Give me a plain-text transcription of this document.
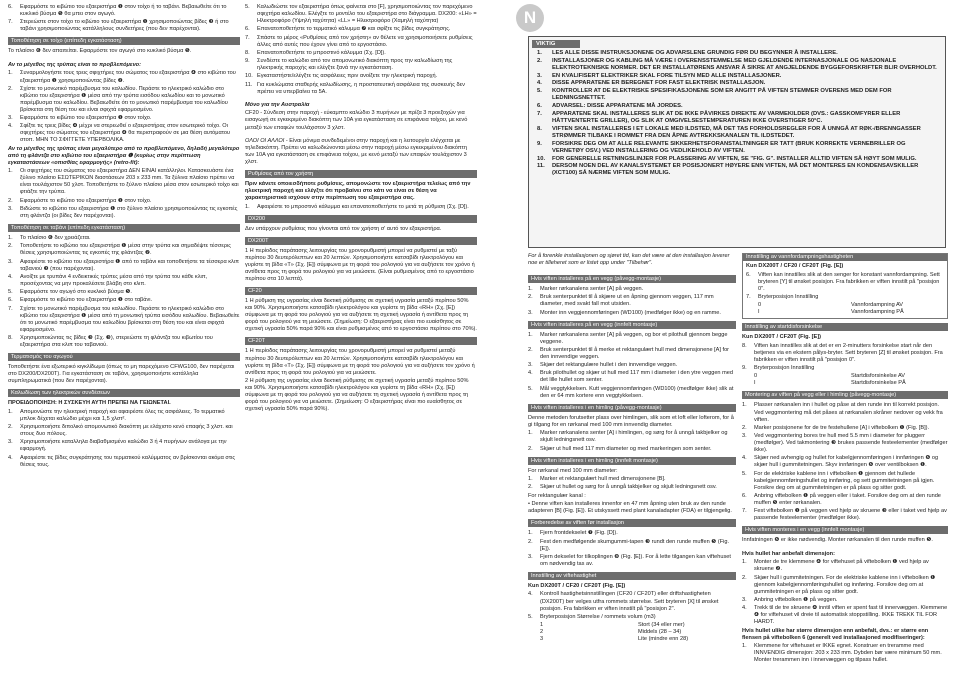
6.	Εφαρμόστε το κιβώτιο του εξαεριστήρα ❶ στον τοίχο ή το ταβάνι. Βεβαιωθείτε ότι το κυκλικό βύσμα ❺ θα μπει στον αγωγό.
7.	Στερεώστε στον τοίχο το κιβώτιο του εξαεριστήρα ❶ χρησιμοποιώντας βίδες ❸ ή στο ταβάνι χρησιμοποιώντας κατάλληλους συνδετήρες (που δεν παρέχονται).
Τοποθέτηση σε τοίχο (επίπεδη εγκατάσταση)

Το πλαίσιο ❻ δεν απαιτείται. Εφαρμόστε τον αγωγό στο κυκλικό βύσμα ❺.

Αν το μέγεθος της τρύπας είναι το προβλεπόμενο:

1.	Συναρμολογήστε τους τρεις σφιχτήρες του σώματος του εξαεριστήρα ❹ στο κιβώτιο του εξαεριστήρα ❶ χρησιμοποιώντας βίδες ❷.
2.	Σχίστε το μονωτικό παρέμβυσμα του καλωδίου. Περάστε το ηλεκτρικό καλώδιο στο κιβώτιο του εξαεριστήρα ❶ μέσα από την τρύπα εισόδου καλωδίου και το μονωτικό παρέμβυσμα του καλωδίου. Βεβαιωθείτε ότι το μονωτικό παρέμβυσμα του καλωδίου βρίσκεται στη θέση του και είναι σφιχτά εφαρμοσμένο.
3.	Εφαρμόστε το κιβώτιο του εξαεριστήρα ❶ στον τοίχο.
4.	Σφίξτε τις τρεις βίδες ❹ μέχρι να στερεωθεί ο εξαεριστήρας στον εσωτερικό τοίχο. Οι σφιχτήρες του σώματος του εξαεριστήρα ❹ θα περιστραφούν σε μια θέση αυτόματου στοπ. ΜΗΝ ΤΟ ΣΦΙΓΓΕΤΕ ΥΠΕΡΒΟΛΙΚΑ.

Αν το μέγεθος της τρύπας είναι μεγαλύτερο από το προβλεπόμενο, δηλαδή μεγαλύτερο από τη φλάντζα στο κιβώτιο του εξαεριστήρα ❶ (κυρίως στην περίπτωση εγκαταστάσεων «οπισθίας εφαρμογής» (retro-fit):

1.	Οι σφιχτήρες του σώματος του εξαεριστήρα ΔΕΝ ΕΙΝΑΙ κατάλληλοι. Κατασκευάστε ένα ξύλινο πλαίσιο ΕΣΩΤΕΡΙΚΩΝ διαστάσεων 203 x 233 mm. Τα ξύλινα πλαίσιο πρέπει να είναι τουλάχιστον 50 χλστ. Τοποθετήστε το ξύλινο πλαίσιο μέσα στον εσωτερικό τοίχο και φτιάξτε την τρύπα.
2.	Εφαρμόστε το κιβώτιο του εξαεριστήρα ❶ στον τοίχο.
3.	Βιδώστε το κιβώτιο του εξαεριστήρα ❶ στο ξύλινο πλαίσιο χρησιμοποιώντας τις εγκοπές στη φλάντζα (οι βίδες δεν παρέχονται).
Τοποθέτηση σε ταβάνι (επίπεδη εγκατάσταση)
1.	Το πλαίσιο ❻ δεν χρειάζεται.
2.	Τοποθετήστε το κιβώτιο του εξαεριστήρα ❶ μέσα στην τρύπα και σημαδέψτε τέσσερις θέσεις χρησιμοποιώντας τις εγκοπές της φλάντζας ❷.
3.	Αφαιρέστε το κιβώτιο του εξαεριστήρα ❶ από το ταβάνι και τοποθετήστε τα τέσσερα κλιπ ταβανιού ❸ (που παρέχονται).
4.	Ανοίξτε με τρυπάνι 4 ενδεικτικές τρύπες μέσα από την τρύπα του κάθε κλιπ, προσέχοντας να μην προκαλέσετε βλάβη στο κλιπ.
5.	Εφαρμόστε τον αγωγό στο κυκλικό βύσμα ❺.
6.	Εφαρμόστε το κιβώτιο του εξαεριστήρα ❶ στο ταβάνι.
7.	Σχίστε το μονωτικό παρέμβυσμα του καλωδίου. Περάστε το ηλεκτρικό καλώδιο στο κιβώτιο του εξαεριστήρα ❶ μέσα από τη μονωτική τρύπα εισόδου καλωδίου. Βεβαιωθείτε ότι το μονωτικό παρέμβυσμα του καλωδίου βρίσκεται στη θέση του και είναι σφιχτά εφαρμοσμένο.
8.	Χρησιμοποιώντας τις βίδες ❸ (Σχ. ❸), στερεώστε τη φλάντζα του κιβωτίου του εξαεριστήρα στα κλιπ του ταβανιού.
Τερματισμός του αγωγού

Τοποθετήστε ένα εξωτερικό κιγκλίδωμα (όπως το μη παρεχόμενο CFWG100, δεν παρέχεται στο DX200/DX200T). Για εγκατάσταση σε ταβάνι, χρησιμοποιήστε κατάλληλα συμπληρωματικά (που δεν παρέχονται).

Καλωδίωση των ηλεκτρικών συνδέσεων

ΠΡΟΕΙΔΟΠΟΙΗΣΗ: Η ΣΥΣΚΕΥΗ ΑΥΤΗ ΠΡΕΠΕΙ ΝΑ ΓΕΙΩΝΕΤΑΙ.

1.	Απομονώστε την ηλεκτρική παροχή και αφαιρέστε όλες τις ασφάλειες. Το τερματικό μπλοκ δέχεται καλώδιο μέχρι και 1,5 χλστ².
2.	Χρησιμοποιήστε διπολικό απομονωτικό διακόπτη με ελάχιστο κενό επαφής 3 χλστ. και στους δυο πόλους.
3.	Χρησιμοποιήστε καταλληλα διαβαθμισμένο καλώδιο 3 ή 4 πυρήνων ανάλογα με την εφαρμογή.
4.	Αφαιρέστε τις βίδες συγκράτησης του τερματικού καλύμματος αν βρίσκονται ακόμα στις θέσεις τους.
5.	Καλωδιώστε τον εξαεριστήρα όπως φαίνεται στο [F], χρησιμοποιώντας τον παρεχόμενο σφιχτήρα καλωδίου. Ελέγξτε το μοντέλο του εξαεριστήρα στο διάγραμμα. DX200: «LH» = Ηλεκτροφόρο (Υψηλή ταχύτητα) «LL» = Ηλεκτροφόρο (Χαμηλή ταχύτητα)
6.	Επανατοποθετήστε το τερματικό κάλυμμα ❼ και σφίξτε τις βίδες συγκράτησης.
7.	Σπάστε το μέρος «Ρυθμίσεις από τον χρήστη» αν θέλετε να χρησιμοποιήσετε ρυθμίσεις άλλες από αυτές που έχουν γίνει από το εργοστάσιο.
8.	Επανατοποθετήστε το μπροστινό κάλυμμα (Σχ. [D]).
9.	Συνδέστε το καλώδιο από τον απομονωτικό διακόπτη προς την καλωδίωση της ηλεκτρικής παροχής και ελέγξτε ξανά την εγκατάσταση.
10. Εγκαταστήστε/ελέγξτε τις ασφάλειες πριν ανοίξετε την ηλεκτρική παροχή.
11. Για κυκλώματα σταθερής καλωδίωσης, η προστατευτική ασφάλεια της συσκευής δεν πρέπει να υπερβαίνει τα 5A.

Μόνο για την Αυστραλία

CF20 - Σύνδεση στην παροχή - εύκαμπτο καλώδιο 3 πυρήνων με πρίζα 3 προεξοχών για εισαγωγή σε εγκεκριμένο διακόπτη των 10A για εγκατάσταση σε επιφάνεια τοίχου, με κενό μεταξύ των επαφών τουλάχιστον 3 χλστ.

ΟΛΟΙ ΟΙ ΑΛΛΟΙ - Είναι μόνιμα συνδεδεμένοι στην παροχή και η λειτουργία ελέγχεται με τηλεδιακόπτη. Πρέπει να καλωδιώνονται μέσω στην παροχή μέσω εγκεκριμένου διακόπτη των 10A για εγκατάσταση σε επιφάνεια τοίχου, με κενό μεταξύ των επαφών τουλάχιστον 3 χλστ.

Ρυθμίσεις από τον χρήστη

Πριν κάνετε οποιεσδήποτε ρυθμίσεις, απομονώστε τον εξαεριστήρα τελείως από την ηλεκτρική παροχή και ελέγξτε ότι προβαίνει στο κάτι να είναι σε θέση να χαρακτηριστικά ισχύουν στην περίπτωση του εξαεριστήρα σας.

1.	Αφαιρέστε το μπροστινό κάλυμμα και επανατοποθετήστε το μετά τη ρύθμιση (Σχ. [D]).
DX200

Δεν υπάρχουν ρυθμίσεις που γίνονται από τον χρήστη σ' αυτό τον εξαεριστήρα.

DX200T

1 Η περίοδος παράτασης λειτουργίας του χρονορυθμιστή μπορεί να ρυθμιστεί με ταξύ περίπου 30 δευτερόλεπτων και 20 λεπτών. Χρησιμοποιήστε κατσαβίδι ηλεκτρολόγου και γυρίστε τη βίδα «T» (Σχ. [E]) σύμφωνα με τη φορά του ρολογιού για να αυξήσετε τον χρόνο ή αντίθετα προς τη φορά του ρολογιού για να μειώσετε. (Είναι ρυθμισμένος από το εργοστάσιο περίπου στα 10 λεπτά).

CF20

1 Η ρύθμιση της υγρασίας είναι δεκτική ρύθμισης σε σχετική υγρασία μεταξύ περίπου 50% και 90%. Χρησιμοποιήστε κατσαβίδι ηλεκτρολόγου και γυρίστε τη βίδα «RH» (Σχ. [E]) σύμφωνα με τη φορά του ρολογιού για να αυξήσετε τη σχετική υγρασία ή αντίθετα προς τη φορά του ρολογιού για τη μειώσετε. (Σημείωση: Ο εξαεριστήρας είναι πιο ευαίσθητος σε σχετική υγρασία 50% παρά 90% και είναι ρυθμισμένος από το εργοστάσιο περίπου στο 70%).

CF20T

1 Η περίοδος παράτασης λειτουργίας του χρονορυθμιστή μπορεί να ρυθμιστεί μεταξύ περίπου 30 δευτερόλεπτων και 20 λεπτών. Χρησιμοποιήστε κατσαβίδι ηλεκτρολόγου και γυρίστε τη βίδα «T» (Σχ. [E]) σύμφωνα με τη φορά του ρολογιού για να αυξήσετε τον χρόνο ή αντίθετα προς τη φορά του ρολογιού για να μειώσετε.

2 Η ρύθμιση της υγρασίας είναι δεκτική ρύθμισης σε σχετική υγρασία μεταξύ περίπου 50% και 90%. Χρησιμοποιήστε κατσαβίδι ηλεκτρολόγου και γυρίστε τη βίδα «RH» (Σχ. [E]) σύμφωνα με τη φορά του ρολογιού για να αυξήσετε τη σχετική υγρασία ή αντίθετα προς τη φορά του ρολογιού για να μειώσετε. (Σημείωση: Ο εξαεριστήρας είναι πιο ευαίσθητος σε σχετική υγρασία 50% παρά 90%).

N
VIKTIG
1.	LES ALLE DISSE INSTRUKSJONENE OG ADVARSLENE GRUNDIG FØR DU BEGYNNER Å INSTALLERE.
2.	INSTALLASJONER OG KABLING MÅ VÆRE I OVERENSSTEMMELSE MED GJELDENDE INTERNASJONALE OG NASJONALE ELEKTROTEKNISKE NORMER. DET ER INSTALLATØRENS ANSVAR Å SIKRE AT ANGJELDENDE BYGGEFORSKRIFTER BLIR OVERHOLDT.
3.	EN KVALIFISERT ELEKTRIKER SKAL FORE TILSYN MED ALLE INSTALLASJONER.
4.	DISSE APPARATENE ER BEREGNET FOR FAST ELEKTRISK INSTALLASJON.
5.	KONTROLLER AT DE ELEKTRISKE SPESIFIKASJONENE SOM ER ANGITT PÅ VIFTEN STEMMER OVERENS MED DEM FOR LEDNINGSNETTET.
6.	ADVARSEL: DISSE APPARATENE MÅ JORDES.
7.	APPARATENE SKAL INSTALLERES SLIK AT DE IKKE PÅVIRKES DIREKTE AV VARMEKILDER (DVS.: GASSKOMFYRER ELLER HÅTTVENTERTE GRILLER), OG SLIK AT OMGIVELSESTEMPERATUREN IKKE OVERSTIGER 50°C.
8.	VIFTEN SKAL INSTALLERES I ET LOKALE MED ILDSTED, MÅ DET TAS FORHOLDSREGLER FOR Å UNNGÅ AT RØK-/BRENNGASSER STRØMMER TILBAKE I ROMMET FRA DEN ÅPNE AVTREKKSKANALEN TIL ILDSTEDET.
9.	FORSIKRE DEG OM AT ALLE RELEVANTE SIKKERHETSFORANSTALTNINGER ER TATT (BRUK KORREKTE VERNEBRILLER OG VERNETØY OSV.) VED INSTALLERING OG VEDLIKEHOLD AV VIFTEN.
10.	FOR GENERELLE RETNINGSLINJER FOR PLASSERING AV VIFTEN, SE "FIG. G". INSTALLER ALLTID VIFTEN SÅ HØYT SOM MULIG.
11.	DERSOM NOEN DEL AV KANALSYSTEMET ER POSISJONERT HØYERE ENN VIFTEN, MÅ DET MONTERES EN KONDENSAVSKILLER (XCT100) SÅ NÆRME VIFTEN SOM MULIG.
For å forenkle installasjonen og sjøret tid, kan det være at den installasjon leverer noe er tilleheret som er listet opp under "Tilbehør".
Hvis viften installeres på en vegg (påvegg-montasje)
1.	Marker rørkanalens senter [A] på veggen.
2.	Bruk senterpunktet til å skjære ut en åpning gjennom veggen, 117 mm diameter, med svakt fall mot utsiden.
3.	Monter inn veggjennomføringen (WD100) (medfølger ikke) og en ramme.
Hvis viften installeres på en vegg (innfelt montasje)
1.	Marker rørkanalens senter [A] på veggen, og bor et pilothull gjennom begge veggene.
2.	Bruk senterpunktet til å merke et rektangulært hull med dimensjonene [A] for den innvendige veggen.
3.	Skjær det rektangulære hullet i den innvendige veggen.
4.	Bruk pilothullet og skjær ut hull med 117 mm i diameter i den ytre veggen med det lille hullet som senter.
5.	Mål veggtykkelsen. Kutt veggjennomføringen (WD100) (medfølger ikke) slik at den er 64 mm kortere enn veggtykkelsen.
Hvis viften installeres i en himling (påvegg-montasje)

Denne metoden forutsetter plass over himlingen, slik som et loft eller lofterom, for å gi tilgang for en rørkanal med 100 mm innvendig diameter.

1.	Marker rørkanalens senter [A] i himlingen, og sørg for å unngå takbjelker og skjult ledningsnett osv.
2.	Skjær ut hull med 117 mm diameter og med markeringen som senter.
Hvis viften installeres i en himling (innfelt montasje)

For rørkanal med 100 mm diameter:

1.	Marker et rektangulært hull med dimensjonene [B].
2.	Skjær ut hullet og sørg for å unngå takbjelker og skjult ledningsnett osv.

For rektangulær kanal :

• Denne viften kan installeres innenfor en 47 mm åpning uten bruk av den runde adapteren [B] (Fig. [E]). Et utskyssett med plant kanaladapter (FDA) er tilgjengelig.

Forberedelse av viften før installasjon
1.	Fjern frontdekselet ❼ (Fig. [D]).
2.	Fest den medfølgende skumgummi-tapen ❸ rundt den runde muffen ❺ (Fig. [E]).
3.	Fjern dekselet for tilkoplingen ❽ (Fig. [E]). For å lette tilgangen kan viftehuset om nødvendig tas av.
Innstilling av viftehastighet

Kun DX200T / CF20 / CF20T (Fig. [E])

4.	Kontroll hastighetsinnstillingen (CF20 / CF20T) eller driftshastigheten (DX200T) ber velges utfra rommets størrelse. Sett bryteren [X] til ønsket posisjon. Fra fabrikken er viften innstilt på "posisjon 2".
5.	Bryterposisjon Størrelse / rommets volum (m3)
1	Stort (34 eller mer)
2	Middels (28 – 34)
3	Lite (mindre enn 28)
Innstilling av vannfordampningshastigheten

Kun DX200T / CF20 / CF20T (Fig. [E])

6.	Viften kan innstilles slik at den senger for konstant vannfordampning. Sett bryteren [Y] til ønsket posisjon. Fra fabrikken er viften innstilt på "posisjon 0".
7.	Bryterposisjon Innstilling
0	Vannfordampning AV
I	Vannfordampning PÅ
Innstilling av startdisforsinkelse

Kun DX200T / CF20T (Fig. [E])

8.	Viften kan innstilles slik at det er en 2-minutters forsinkelse start når den betjenes via en ekstern pålys-bryter. Sett bryteren [Z] til ønsket posisjon. Fra fabrikken er viften innstilt på "posisjon 0".
9.	Bryterposisjon Innstilling
0	Startdisforsinkelse AV
I	Startdisforsinkelse PÅ
Montering av viften på vegg eller i himling (påvegg-montasje)
1.	Plasser rørkanalen inn i hullet og påse at den runde inn til korrekt posisjon. Ved veggmontering må det påses at rørkanalen skråner nedover og vekk fra viften.
2.	Marker posisjonene for de tre festehullene [A] i viftebolken ❶ (Fig. [B]).
3.	Ved veggmontering bores tre hull med 5.5 mm i diameter for pluggerr (medfølger). Ved takmontering ❸ brukes passende festeelementer (medfølger ikke).
4.	Skjær ned avhengig og hullet for kabelgjennomføringen i innføringen ❻ og skjær hull i gummitetningen. Skyv innføringen ❻ over ventilboksen ❶.
5.	For de elektriske kablene inn i viftebolken ❶ gjennom det hullede kabelgjennomføringshullet og innføring, og sett gummitetningen på igjen. Forsikre deg om at gummitetningen er på plass og sitter godt.
6.	Anbring viftebolken ❶ på veggen eller i taket. Forsikre deg om at den runde muffen ❺ enter rørkanalen.
7.	Fest viftebolken ❶ på veggen ved hjelp av skruene ❸ eller i taket ved hjelp av passende festeelementer (medfølger ikke).
Hvis viften monteres i en vegg (innfelt montasje)

Innfatningen ❻ er ikke nødvendig. Monter rørkanalen til den runde muffen ❺.

Hvis hullet har anbefalt dimensjon:

1.	Monter de tre klemmene ❹ for viftehuset på viftebolken ❶ ved hjelp av skruene ❷.
2.	Skjær hull i gummitetningen. For de elektriske kablene inn i viftebolken ❶ gjennom kabelgjennomføringshullet og innføring. Forsikre deg om at gummitetningen er på plass og sitter godt.
3.	Anbring viftebolken ❶ på veggen.
4.	Trekk til de tre skruene ❹ inntil viften er spent fast til innervæggen. Klemmene ❹ for viftehuset vil dreie til automatisk stoppstilling. IKKE TREKK TIL FOR HARDT.

Hvis hullet ulike har større dimensjon enn anbefalt, dvs.: er større enn flensen på viftebolken 6 (generelt ved installasjoned modifiseringer):

1.	Klemmene for viftehuset er IKKE egnet. Konstruer en treramme med INNVENDIG dimensjon: 203 x 233 mm. Dybden bør være minimum 50 mm. Monter trerammen inn i innervæggen og tilpass hullet.
